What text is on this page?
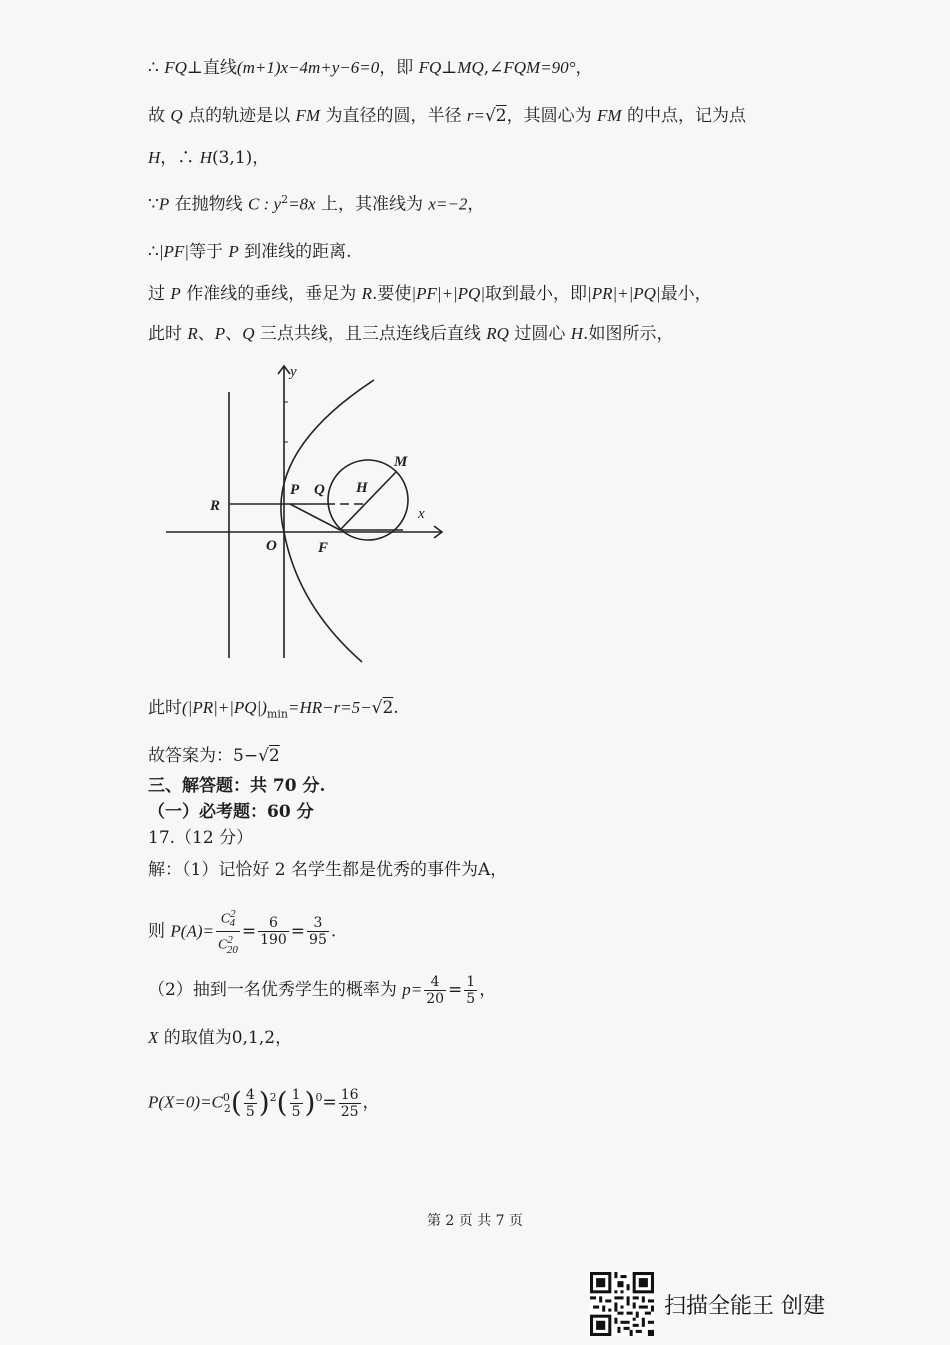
∴ FQ⊥直线(m+1)x−4m+y−6=0，即 FQ⊥MQ,∠FQM=90°，
故 Q 点的轨迹是以 FM 为直径的圆，半径 r=√2，其圆心为 FM 的中点，记为点
H，∴ H(3,1)，
∵P 在抛物线 C : $y^2=8x$ 上，其准线为 x=−2，
∴|PF|等于 P 到准线的距离.
过 P 作准线的垂线，垂足为 R.要使|PF|+|PQ|取到最小，即|PR|+|PQ|最小，
此时 R、P、Q 三点共线，且三点连线后直线 RQ 过圆心 H.如图所示，
y
x
O	F
R
P Q H
M
此时$(|PR|+|PQ|)_{min}=HR-r=5-√2$.
故答案为：5−√2
三、解答题：共 70 分.
（一）必考题：60 分
17.（12 分）
解：（1）记恰好 2 名学生都是优秀的事件为A，
则 $P(A)= \frac{C^2_4}{C^2_{20}} = \frac{6}{190} = \frac{3}{95}$ .
（2）抽到一名优秀学生的概率为 $p= \frac{4}{20} = \frac{1}{5}$ ，
X 的取值为0,1,2，
$P(X=0)=C^0_2( \frac{4}{5} )^2( \frac{1}{5} )^0= \frac{16}{25}$ ，
第 2 页 共 7 页
扫描全能王 创建
